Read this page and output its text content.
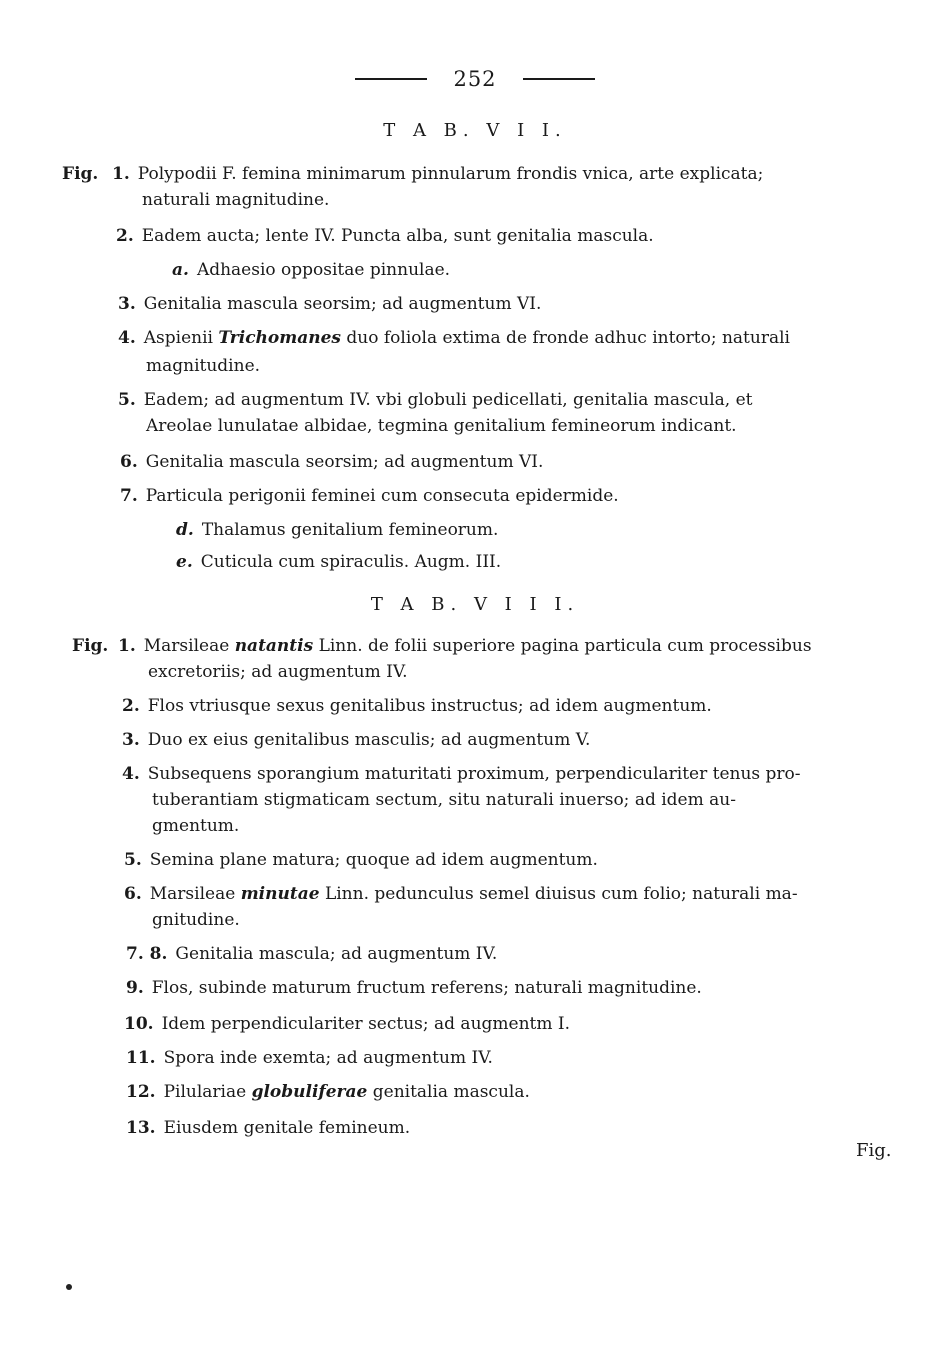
252
T A B. V I I.
Fig. 1. Polypodii F. femina minimarum pinnularum frondis vnica, arte explicata;
naturali magnitudine.
2. Eadem aucta; lente IV. Puncta alba, sunt genitalia mascula.
a. Adhaesio oppositae pinnulae.
3. Genitalia mascula seorsim; ad augmentum VI.
4. Aspienii Trichomanes duo foliola extima de fronde adhuc intorto; naturali
magnitudine.
5. Eadem; ad augmentum IV. vbi globuli pedicellati, genitalia mascula, et
Areolae lunulatae albidae, tegmina genitalium femineorum indicant.
6. Genitalia mascula seorsim; ad augmentum VI.
7. Particula perigonii feminei cum consecuta epidermide.
d. Thalamus genitalium femineorum.
e. Cuticula cum spiraculis. Augm. III.
T A B. V I I I.
Fig. 1. Marsileae natantis Linn. de folii superiore pagina particula cum processibus
excretoriis; ad augmentum IV.
2. Flos vtriusque sexus genitalibus instructus; ad idem augmentum.
3. Duo ex eius genitalibus masculis; ad augmentum V.
4. Subsequens sporangium maturitati proximum, perpendiculariter tenus pro-
tuberantiam stigmaticam sectum, situ naturali inuerso; ad idem au-
gmentum.
5. Semina plane matura; quoque ad idem augmentum.
6. Marsileae minutae Linn. pedunculus semel diuisus cum folio; naturali ma-
gnitudine.
7. 8. Genitalia mascula; ad augmentum IV.
9. Flos, subinde maturum fructum referens; naturali magnitudine.
10. Idem perpendiculariter sectus; ad augmentm I.
11. Spora inde exemta; ad augmentum IV.
12. Pilulariae globuliferae genitalia mascula.
13. Eiusdem genitale femineum.
Fig.
